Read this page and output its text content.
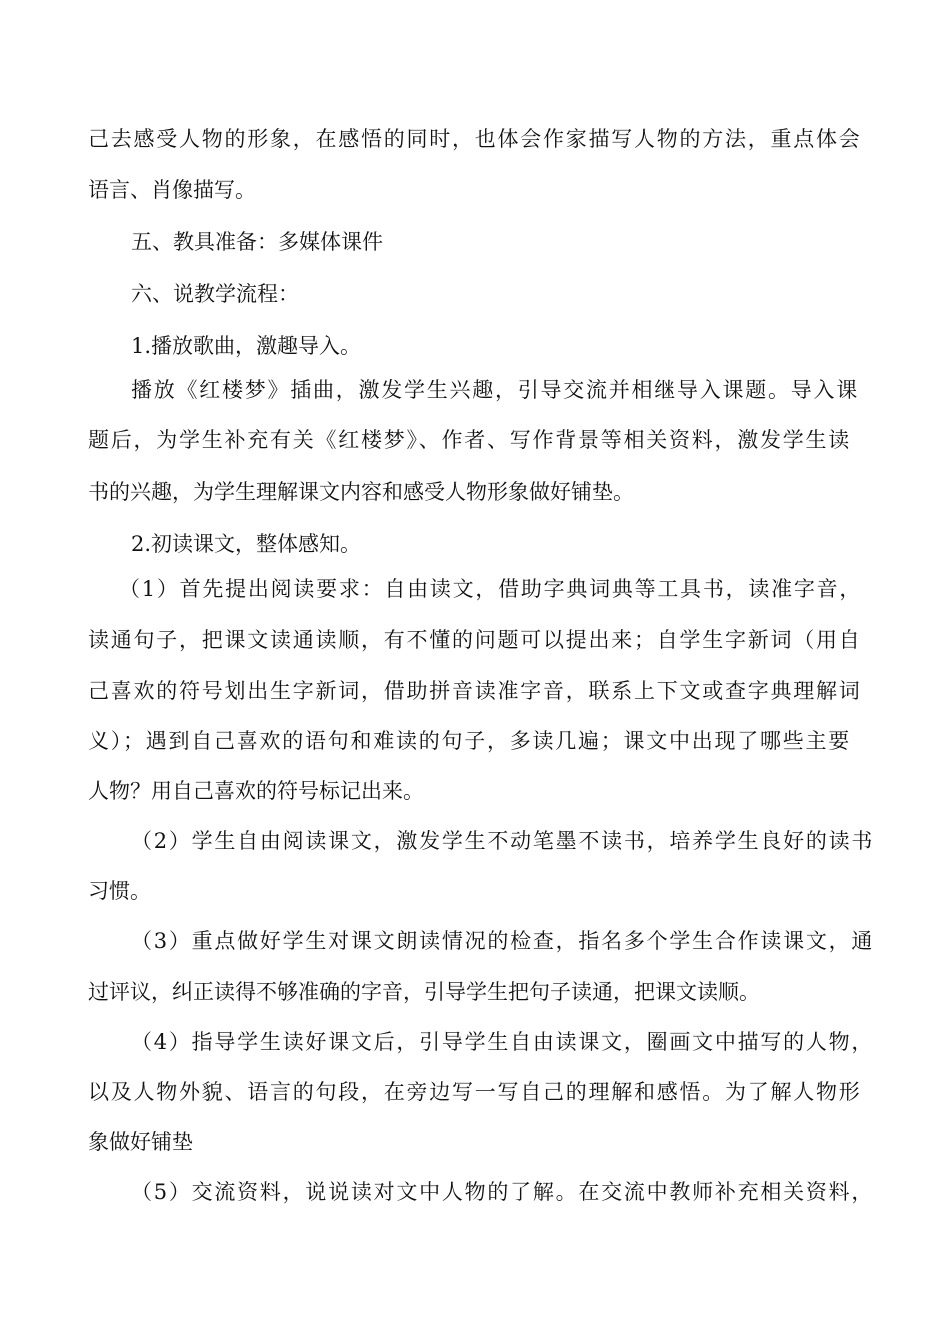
己去感受人物的形象，在感悟的同时，也体会作家描写人物的方法，重点体会
语言、肖像描写。
五、教具准备：多媒体课件
六、说教学流程：
1.播放歌曲，激趣导入。
播放《红楼梦》插曲，激发学生兴趣，引导交流并相继导入课题。导入课
题后，为学生补充有关《红楼梦》、作者、写作背景等相关资料，激发学生读
书的兴趣，为学生理解课文内容和感受人物形象做好铺垫。
2.初读课文，整体感知。
（1）首先提出阅读要求：自由读文，借助字典词典等工具书，读准字音，
读通句子，把课文读通读顺，有不懂的问题可以提出来；自学生字新词（用自
己喜欢的符号划出生字新词，借助拼音读准字音，联系上下文或查字典理解词
义）；遇到自己喜欢的语句和难读的句子，多读几遍；课文中出现了哪些主要
人物？用自己喜欢的符号标记出来。
（2）学生自由阅读课文，激发学生不动笔墨不读书，培养学生良好的读书
习惯。
（3）重点做好学生对课文朗读情况的检查，指名多个学生合作读课文，通
过评议，纠正读得不够准确的字音，引导学生把句子读通，把课文读顺。
（4）指导学生读好课文后，引导学生自由读课文，圈画文中描写的人物，
以及人物外貌、语言的句段，在旁边写一写自己的理解和感悟。为了解人物形
象做好铺垫
（5）交流资料，说说读对文中人物的了解。在交流中教师补充相关资料，
